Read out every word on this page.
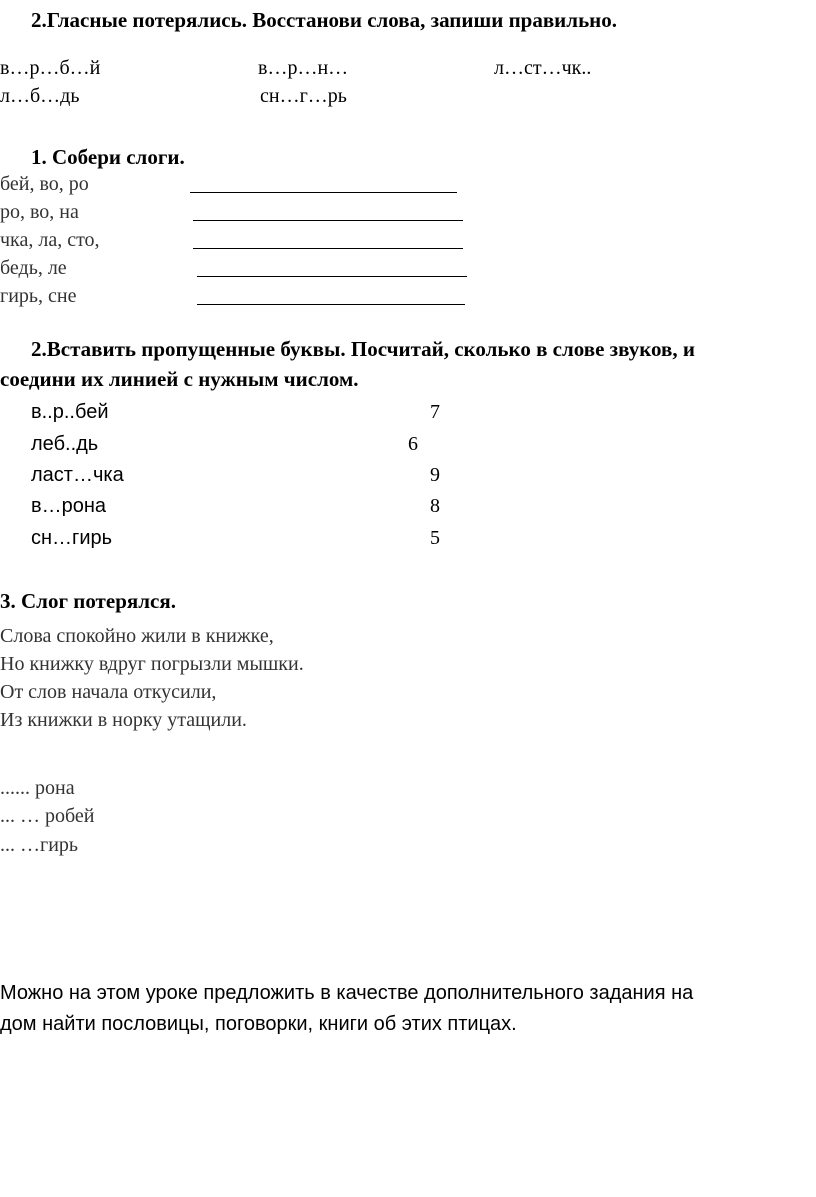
2.Гласные потерялись. Восстанови слова, запиши правильно.
в…р…б…й	в…р…н…	л…ст…чк..
л…б…дь	сн…г…рь
1. Собери слоги.
бей, во, ро
ро, во, на
чка, ла, сто,
бедь, ле
гирь, сне
2.Вставить пропущенные буквы. Посчитай, сколько в слове звуков, и
соедини их линией с нужным числом.
в..р..бей	7
леб..дь	6
ласт…чка	9
в…рона	8
сн…гирь	5
3. Слог потерялся.
Слова спокойно жили в книжке,
Но книжку вдруг погрызли мышки.
От слов начала откусили,
Из книжки в норку утащили.
...... рона
... … робей
... …гирь
Можно на этом уроке предложить в качестве дополнительного задания на
дом найти пословицы, поговорки, книги об этих птицах.
